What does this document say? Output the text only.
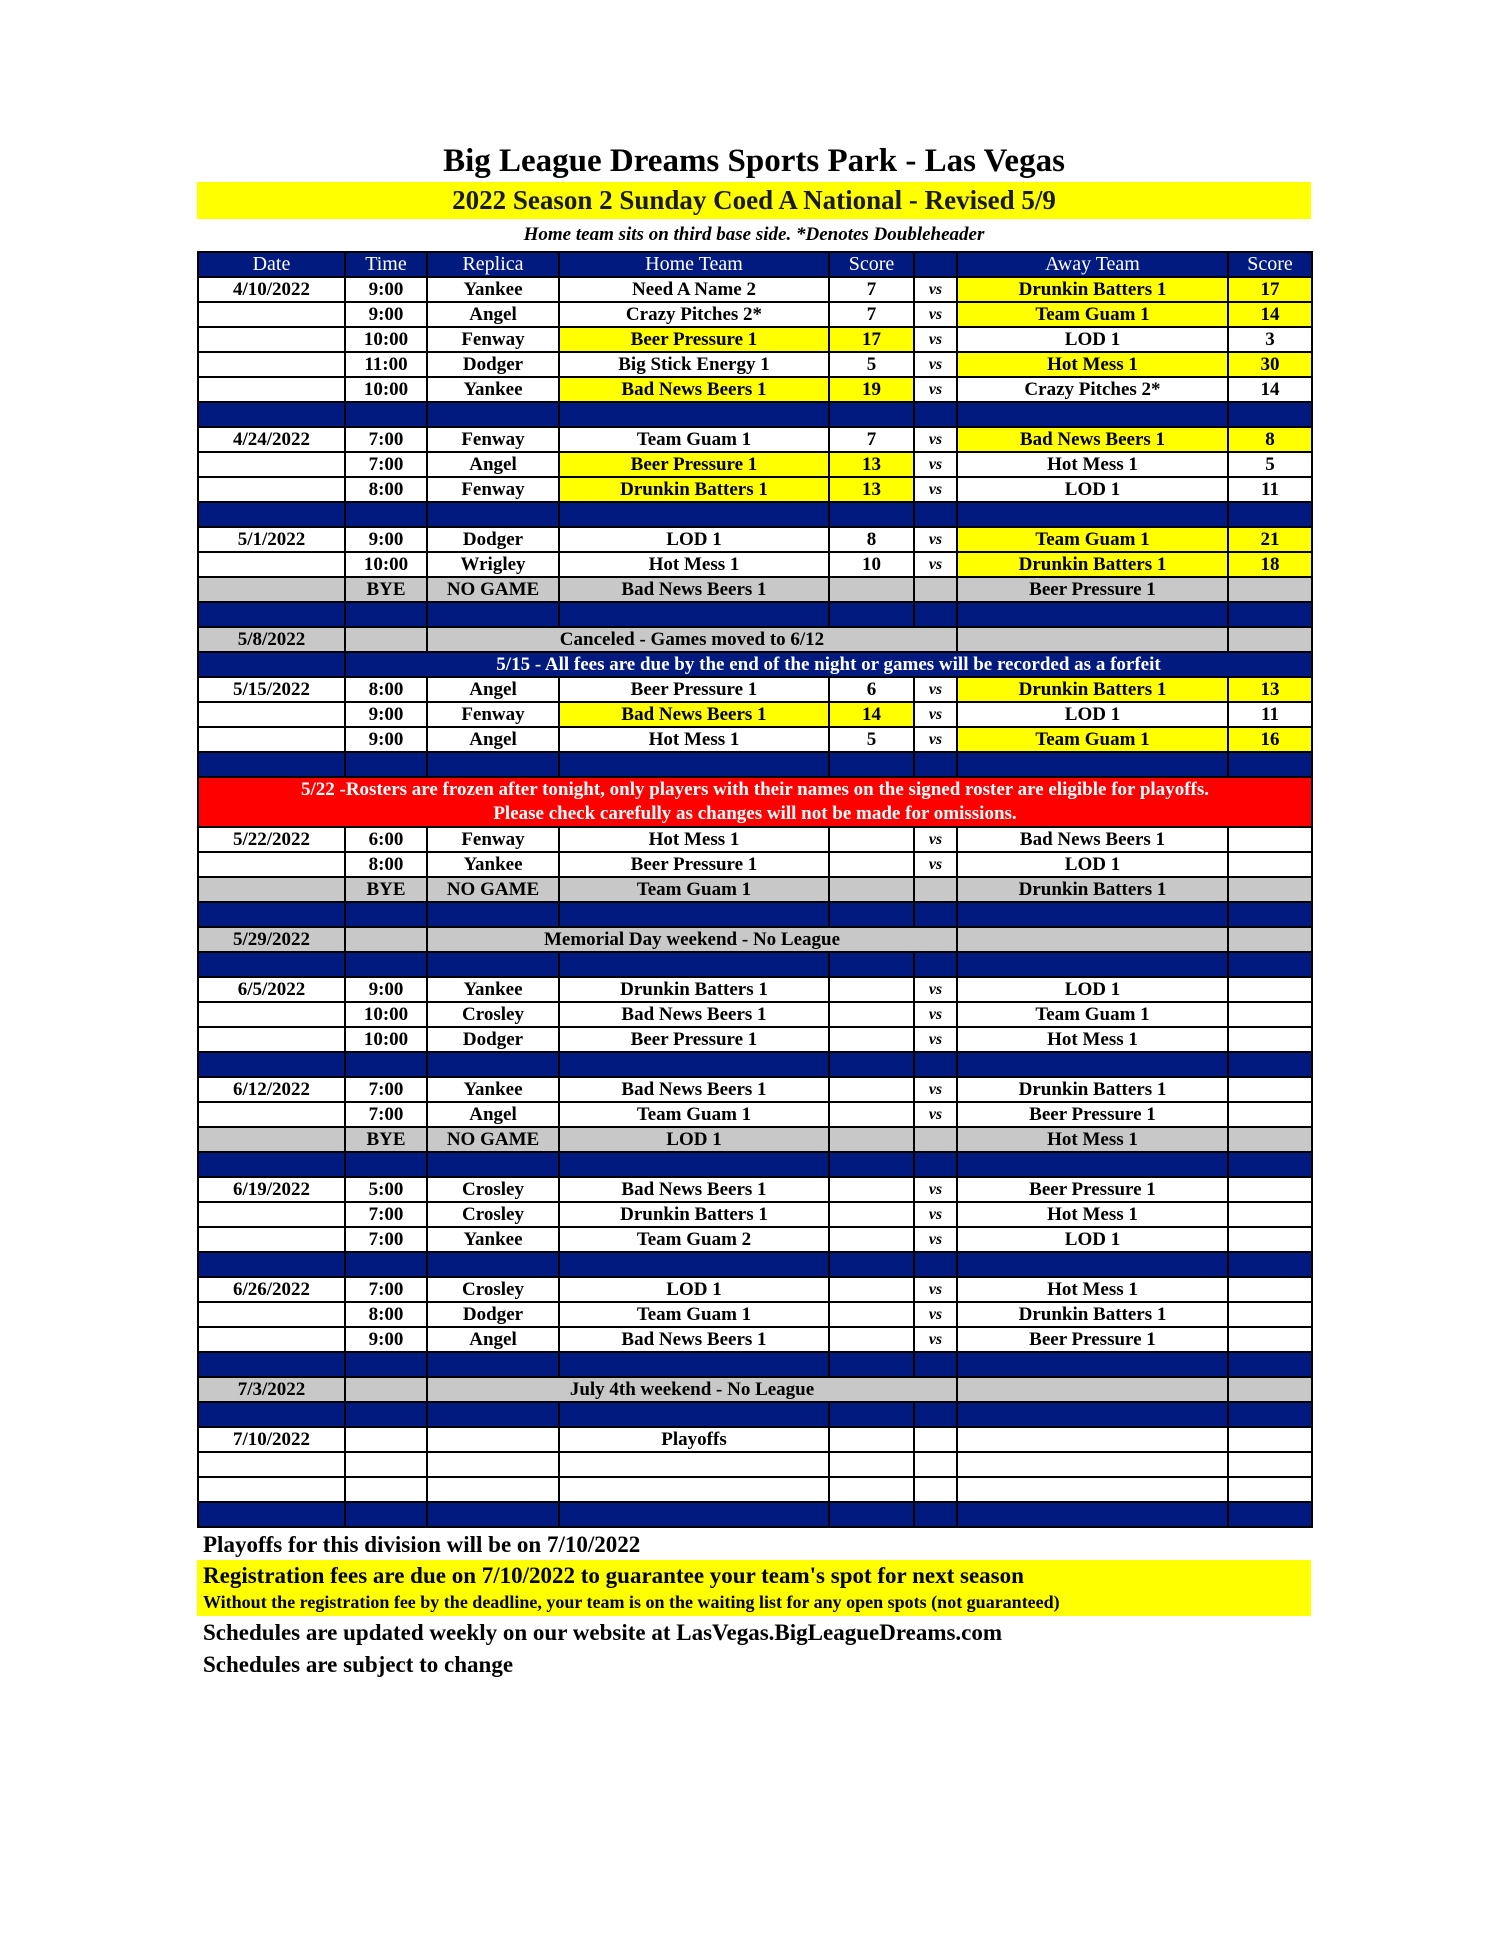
Big League Dreams Sports Park - Las Vegas
2022 Season 2 Sunday Coed A National - Revised 5/9
Home team sits on third base side. *Denotes Doubleheader
Date	Time	Replica	Home Team	Score		Away Team	Score
4/10/2022	9:00	Yankee	Need A Name 2	7	vs	Drunkin Batters 1	17
	9:00	Angel	Crazy Pitches 2*	7	vs	Team Guam 1	14
	10:00	Fenway	Beer Pressure 1	17	vs	LOD 1	3
	11:00	Dodger	Big Stick Energy 1	5	vs	Hot Mess 1	30
	10:00	Yankee	Bad News Beers 1	19	vs	Crazy Pitches 2*	14

4/24/2022	7:00	Fenway	Team Guam 1	7	vs	Bad News Beers 1	8
	7:00	Angel	Beer Pressure 1	13	vs	Hot Mess 1	5
	8:00	Fenway	Drunkin Batters 1	13	vs	LOD 1	11

5/1/2022	9:00	Dodger	LOD 1	8	vs	Team Guam 1	21
	10:00	Wrigley	Hot Mess 1	10	vs	Drunkin Batters 1	18
	BYE	NO GAME	Bad News Beers 1			Beer Pressure 1	

5/8/2022		Canceled - Games moved to 6/12					
	5/15 - All fees are due by the end of the night or games will be recorded as a forfeit						
5/15/2022	8:00	Angel	Beer Pressure 1	6	vs	Drunkin Batters 1	13
	9:00	Fenway	Bad News Beers 1	14	vs	LOD 1	11
	9:00	Angel	Hot Mess 1	5	vs	Team Guam 1	16

5/22 -Rosters are frozen after tonight, only players with their names on the signed roster are eligible for playoffs.
Please check carefully as changes will not be made for omissions.							

5/22/2022	6:00	Fenway	Hot Mess 1		vs	Bad News Beers 1	
	8:00	Yankee	Beer Pressure 1		vs	LOD 1	
	BYE	NO GAME	Team Guam 1			Drunkin Batters 1	

5/29/2022		Memorial Day weekend - No League					

6/5/2022	9:00	Yankee	Drunkin Batters 1		vs	LOD 1	
	10:00	Crosley	Bad News Beers 1		vs	Team Guam 1	
	10:00	Dodger	Beer Pressure 1		vs	Hot Mess 1	

6/12/2022	7:00	Yankee	Bad News Beers 1		vs	Drunkin Batters 1	
	7:00	Angel	Team Guam 1		vs	Beer Pressure 1	
	BYE	NO GAME	LOD 1			Hot Mess 1	

6/19/2022	5:00	Crosley	Bad News Beers 1		vs	Beer Pressure 1	
	7:00	Crosley	Drunkin Batters 1		vs	Hot Mess 1	
	7:00	Yankee	Team Guam 2		vs	LOD 1	

6/26/2022	7:00	Crosley	LOD 1		vs	Hot Mess 1	
	8:00	Dodger	Team Guam 1		vs	Drunkin Batters 1	
	9:00	Angel	Bad News Beers 1		vs	Beer Pressure 1	

7/3/2022		July 4th weekend - No League					

7/10/2022			Playoffs				

Playoffs for this division will be on 7/10/2022
Registration fees are due on 7/10/2022 to guarantee your team's spot for next season
Without the registration fee by the deadline, your team is on the waiting list for any open spots (not guaranteed)
Schedules are updated weekly on our website at LasVegas.BigLeagueDreams.com
Schedules are subject to change
